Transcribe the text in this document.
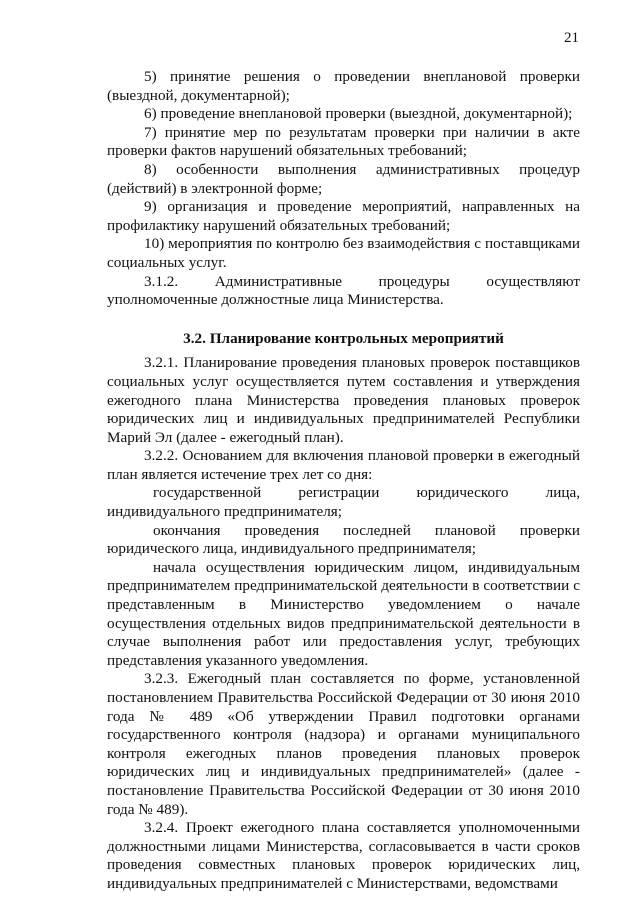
21

5) принятие решения о проведении внеплановой проверки (выездной, документарной);

6) проведение внеплановой проверки (выездной, документарной);

7) принятие мер по результатам проверки при наличии в акте проверки фактов нарушений обязательных требований;

8) особенности выполнения административных процедур (действий) в электронной форме;

9) организация и проведение мероприятий, направленных на профилактику нарушений обязательных требований;

10) мероприятия по контролю без взаимодействия с поставщиками социальных услуг.

3.1.2. Административные процедуры осуществляют уполномоченные должностные лица Министерства.

3.2. Планирование контрольных мероприятий

3.2.1. Планирование проведения плановых проверок поставщиков социальных услуг осуществляется путем составления и утверждения ежегодного плана Министерства проведения плановых проверок юридических лиц и индивидуальных предпринимателей Республики Марий Эл (далее - ежегодный план).

3.2.2. Основанием для включения плановой проверки в ежегодный план является истечение трех лет со дня:

государственной регистрации юридического лица, индивидуального предпринимателя;

окончания проведения последней плановой проверки юридического лица, индивидуального предпринимателя;

начала осуществления юридическим лицом, индивидуальным предпринимателем предпринимательской деятельности в соответствии с представленным в Министерство уведомлением о начале осуществления отдельных видов предпринимательской деятельности в случае выполнения работ или предоставления услуг, требующих представления указанного уведомления.

3.2.3. Ежегодный план составляется по форме, установленной постановлением Правительства Российской Федерации от 30 июня 2010 года № 489 «Об утверждении Правил подготовки органами государственного контроля (надзора) и органами муниципального контроля ежегодных планов проведения плановых проверок юридических лиц и индивидуальных предпринимателей» (далее - постановление Правительства Российской Федерации от 30 июня 2010 года № 489).

3.2.4. Проект ежегодного плана составляется уполномоченными должностными лицами Министерства, согласовывается в части сроков проведения совместных плановых проверок юридических лиц, индивидуальных предпринимателей с Министерствами, ведомствами
